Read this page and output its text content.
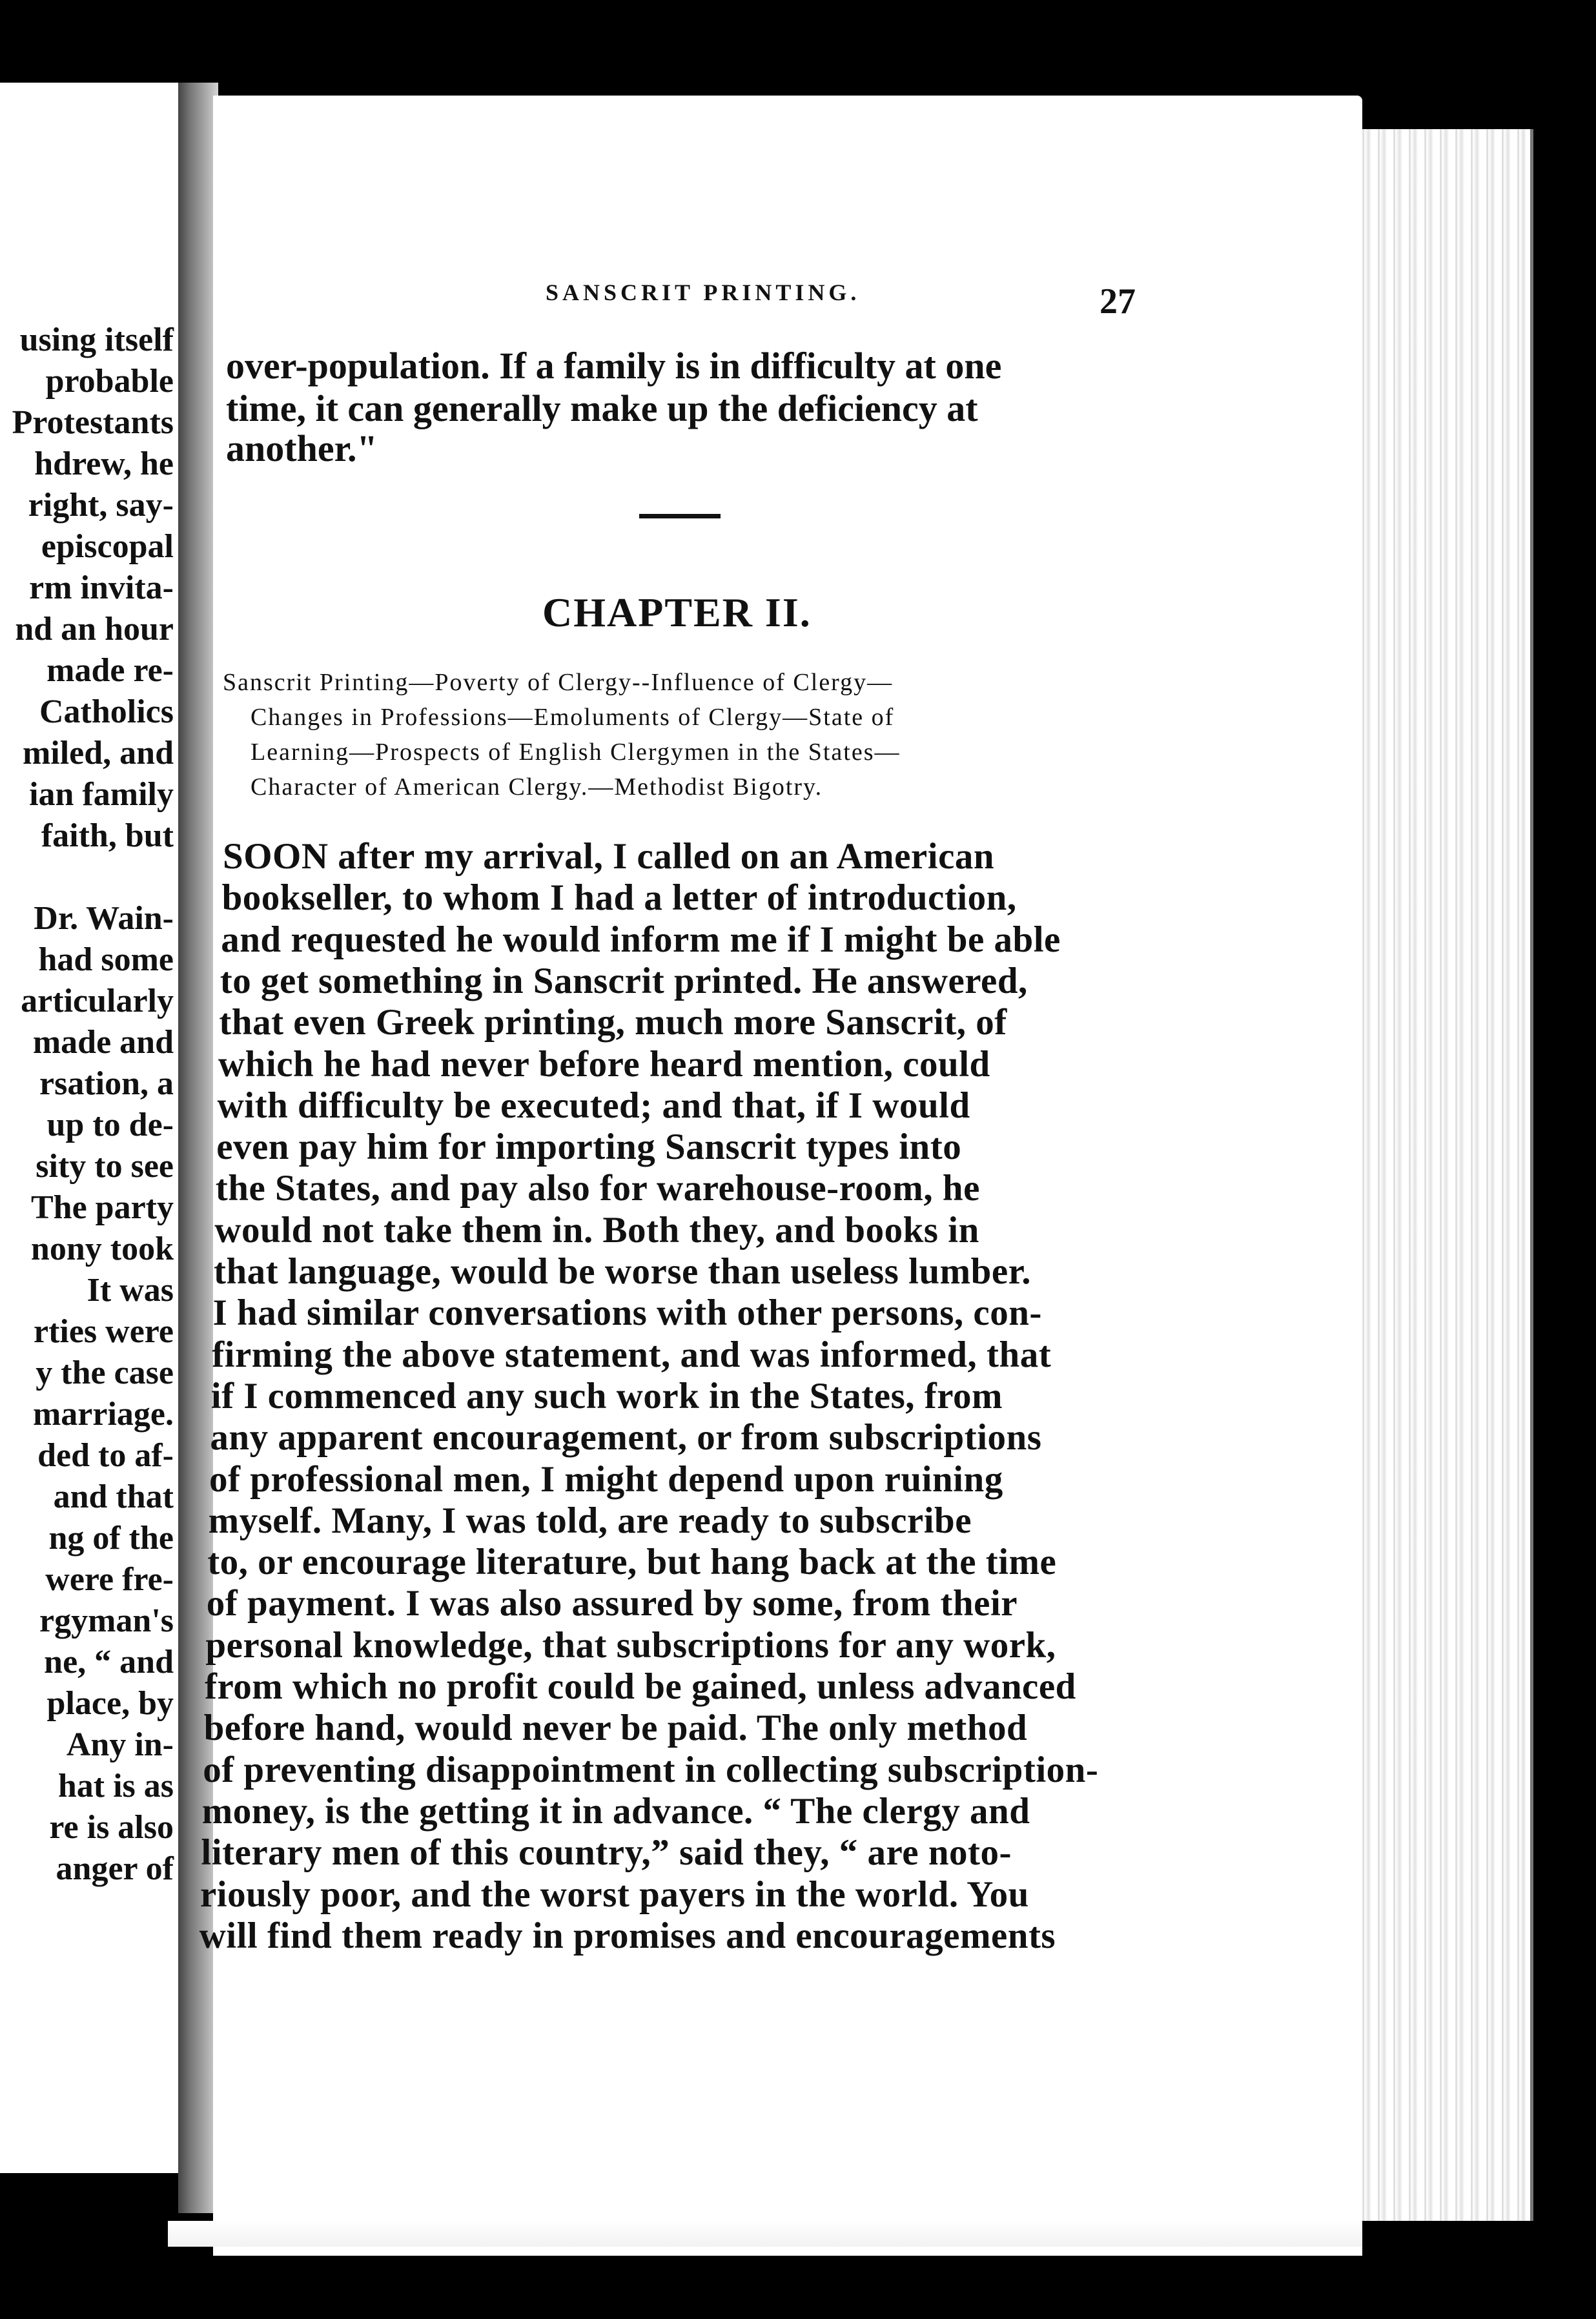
using itself
probable
Protestants
hdrew, he
right, say-
episcopal
rm invita-
nd an hour
made re-
Catholics
miled, and
ian family
faith, but
Dr. Wain-
had some
articularly
made and
rsation, a
up to de-
sity to see
The party
nony took
It was
rties were
y the case
marriage.
ded to af-
and that
ng of the
were fre-
rgyman's
ne, “ and
place, by
Any in-
hat is as
re is also
anger of
SANSCRIT PRINTING.	27
over-population. If a family is in difficulty at one
time, it can generally make up the deficiency at
another."
CHAPTER II.
Sanscrit Printing—Poverty of Clergy--Influence of Clergy—
Changes in Professions—Emoluments of Clergy—State of
Learning—Prospects of English Clergymen in the States—
Character of American Clergy.—Methodist Bigotry.
SOON after my arrival, I called on an American
bookseller, to whom I had a letter of introduction,
and requested he would inform me if I might be able
to get something in Sanscrit printed. He answered,
that even Greek printing, much more Sanscrit, of
which he had never before heard mention, could
with difficulty be executed; and that, if I would
even pay him for importing Sanscrit types into
the States, and pay also for warehouse-room, he
would not take them in. Both they, and books in
that language, would be worse than useless lumber.
I had similar conversations with other persons, con-
firming the above statement, and was informed, that
if I commenced any such work in the States, from
any apparent encouragement, or from subscriptions
of professional men, I might depend upon ruining
myself. Many, I was told, are ready to subscribe
to, or encourage literature, but hang back at the time
of payment. I was also assured by some, from their
personal knowledge, that subscriptions for any work,
from which no profit could be gained, unless advanced
before hand, would never be paid. The only method
of preventing disappointment in collecting subscription-
money, is the getting it in advance. “ The clergy and
literary men of this country,” said they, “ are noto-
riously poor, and the worst payers in the world. You
will find them ready in promises and encouragements
